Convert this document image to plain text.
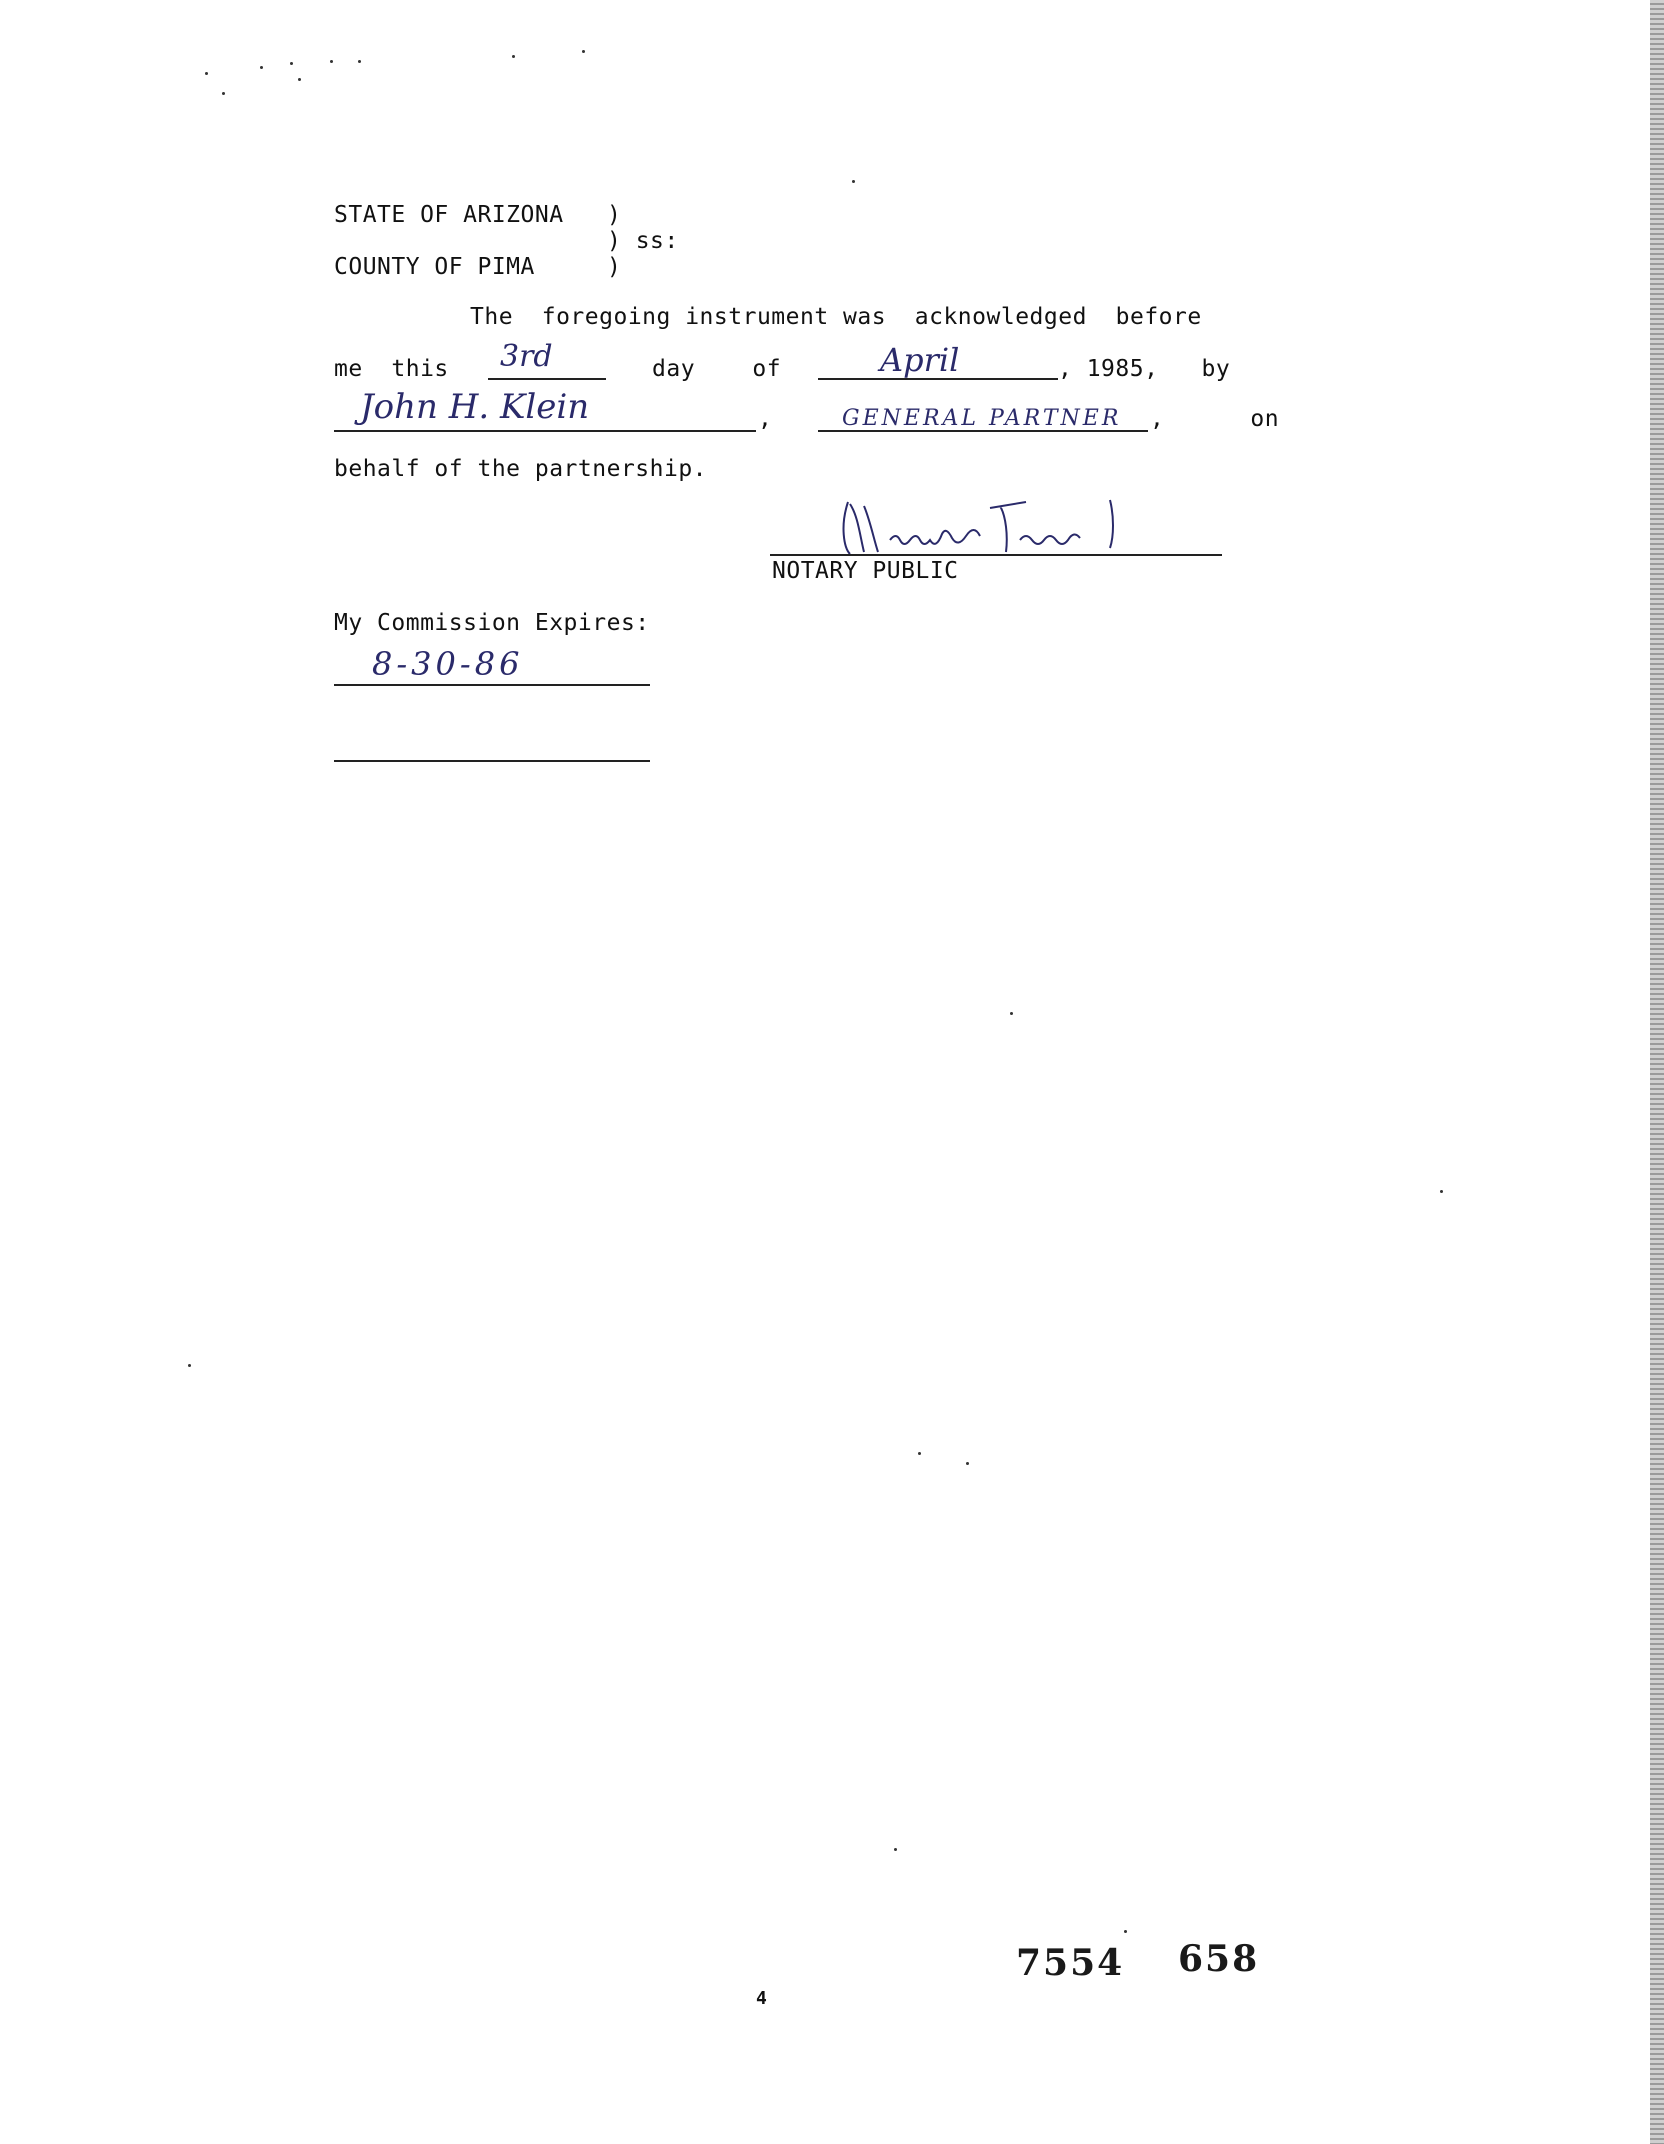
STATE OF ARIZONA )
) ss:
COUNTY OF PIMA	)
The  foregoing instrument was  acknowledged  before
me  this 3rd	day    of	April	, 1985,   by
John H. Klein	,	GENERAL PARTNER ,      on
behalf of the partnership.
NOTARY PUBLIC
My Commission Expires:
8-30-86
7554 658
4
